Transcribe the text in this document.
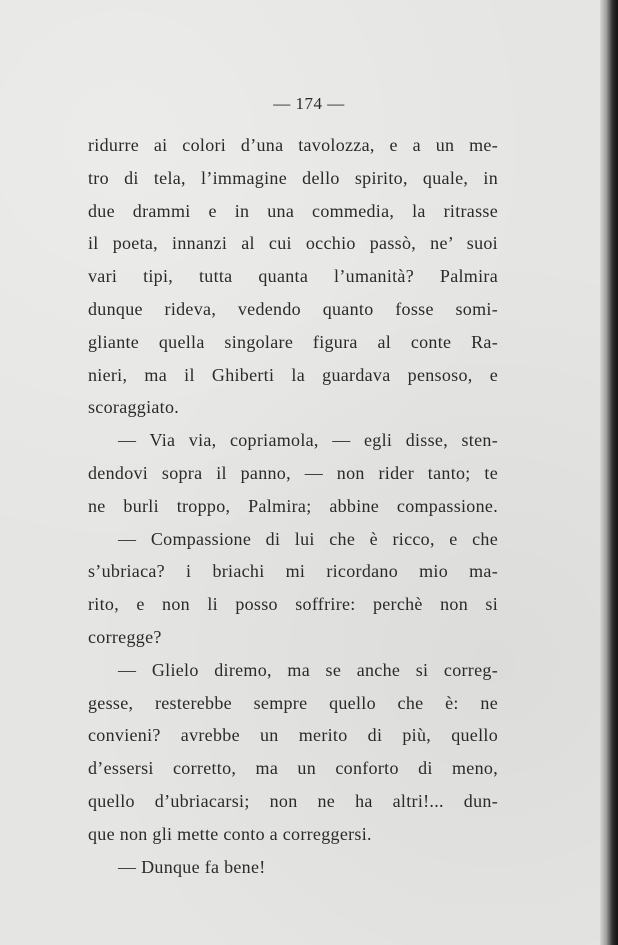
— 174 —
ridurre ai colori d’una tavolozza, e a un me-
tro di tela, l’immagine dello spirito, quale, in
due drammi e in una commedia, la ritrasse
il poeta, innanzi al cui occhio passò, ne’ suoi
vari tipi, tutta quanta l’umanità? Palmira
dunque rideva, vedendo quanto fosse somi-
gliante quella singolare figura al conte Ra-
nieri, ma il Ghiberti la guardava pensoso, e
scoraggiato.
— Via via, copriamola, — egli disse, sten-
dendovi sopra il panno, — non rider tanto; te
ne burli troppo, Palmira; abbine compassione.
— Compassione di lui che è ricco, e che
s’ubriaca? i briachi mi ricordano mio ma-
rito, e non li posso soffrire: perchè non si
corregge?
— Glielo diremo, ma se anche si correg-
gesse, resterebbe sempre quello che è: ne
convieni? avrebbe un merito di più, quello
d’essersi corretto, ma un conforto di meno,
quello d’ubriacarsi; non ne ha altri!... dun-
que non gli mette conto a correggersi.
— Dunque fa bene!
